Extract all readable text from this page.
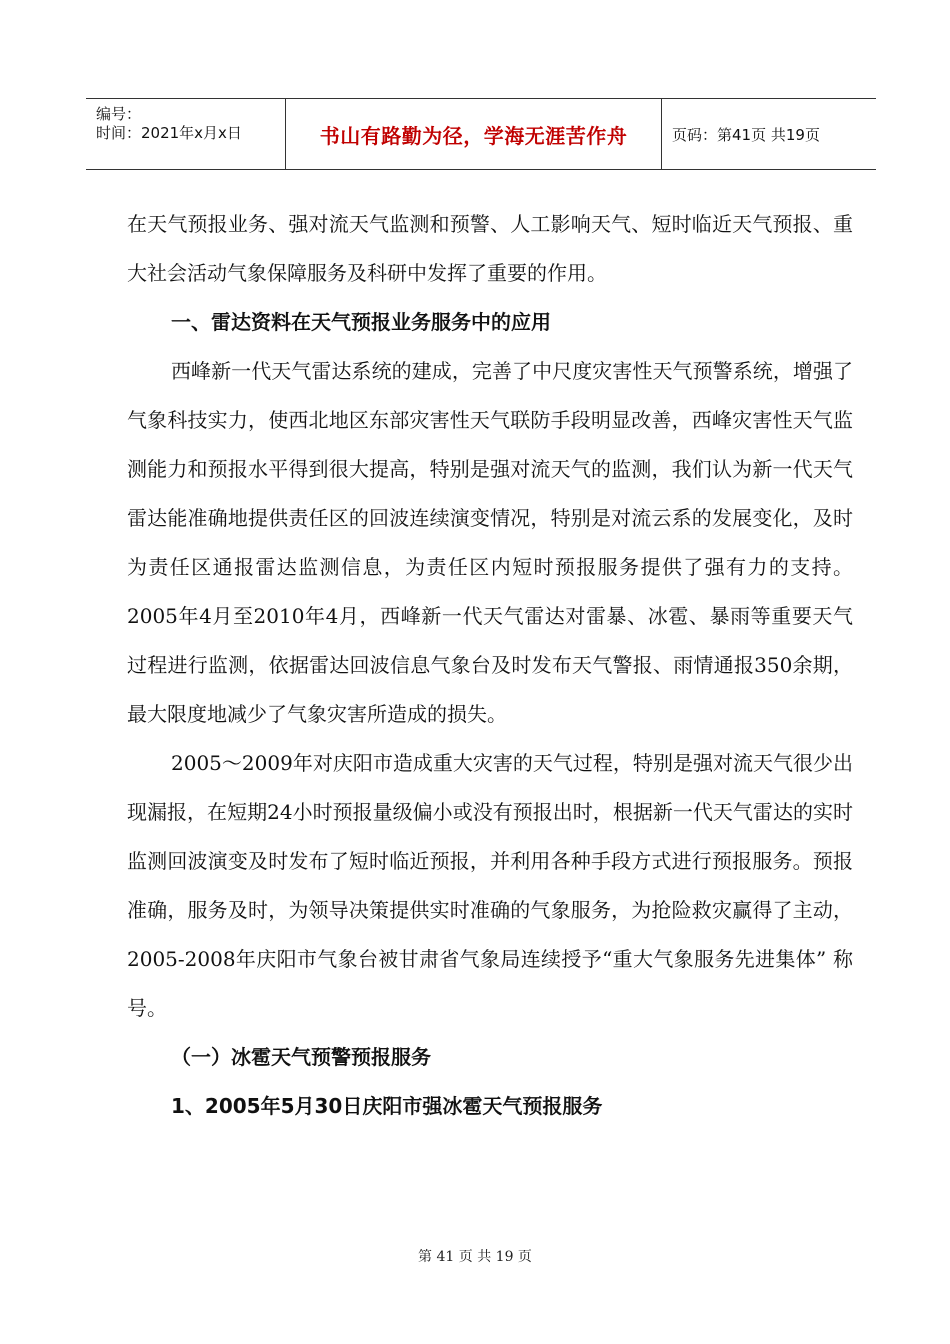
编号：
时间：2021年x月x日	书山有路勤为径，学海无涯苦作舟	页码：第41页 共19页

在天气预报业务、强对流天气监测和预警、人工影响天气、短时临近天气预报、重大社会活动气象保障服务及科研中发挥了重要的作用。

一、雷达资料在天气预报业务服务中的应用

西峰新一代天气雷达系统的建成，完善了中尺度灾害性天气预警系统，增强了气象科技实力，使西北地区东部灾害性天气联防手段明显改善，西峰灾害性天气监测能力和预报水平得到很大提高，特别是强对流天气的监测，我们认为新一代天气雷达能准确地提供责任区的回波连续演变情况，特别是对流云系的发展变化，及时为责任区通报雷达监测信息，为责任区内短时预报服务提供了强有力的支持。2005年4月至2010年4月，西峰新一代天气雷达对雷暴、冰雹、暴雨等重要天气过程进行监测，依据雷达回波信息气象台及时发布天气警报、雨情通报350余期，最大限度地减少了气象灾害所造成的损失。

2005～2009年对庆阳市造成重大灾害的天气过程，特别是强对流天气很少出现漏报，在短期24小时预报量级偏小或没有预报出时，根据新一代天气雷达的实时监测回波演变及时发布了短时临近预报，并利用各种手段方式进行预报服务。预报准确，服务及时，为领导决策提供实时准确的气象服务，为抢险救灾赢得了主动，2005-2008年庆阳市气象台被甘肃省气象局连续授予“重大气象服务先进集体” 称号。

（一）冰雹天气预警预报服务

1、2005年5月30日庆阳市强冰雹天气预报服务

第 41 页 共 19 页
